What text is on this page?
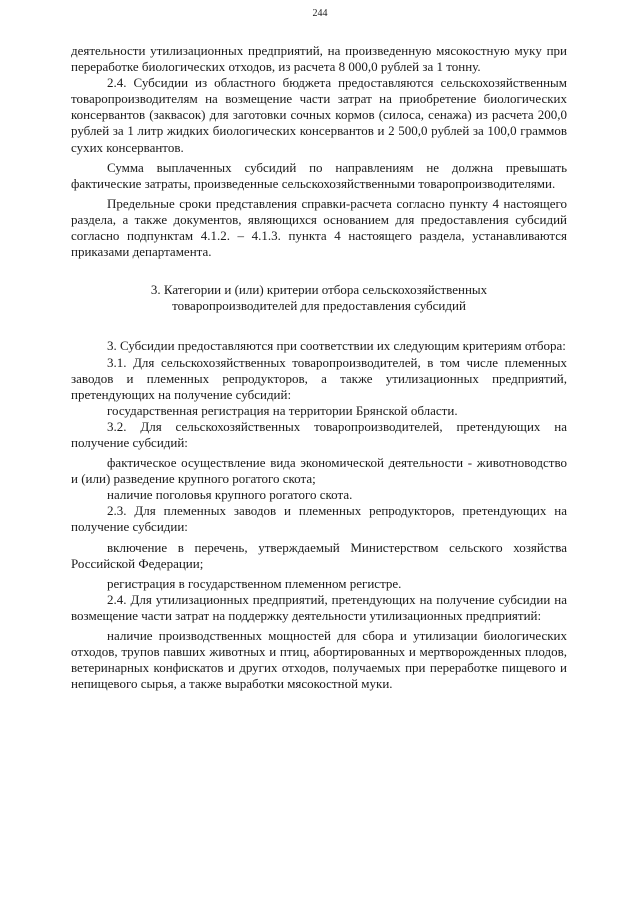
244

деятельности утилизационных предприятий, на произведенную мясокостную муку при переработке биологических отходов, из расчета 8 000,0 рублей за 1 тонну.

2.4. Субсидии из областного бюджета предоставляются сельскохозяйственным товаропроизводителям на возмещение части затрат на приобретение биологических консервантов (заквасок) для заготовки сочных кормов (силоса, сенажа) из расчета 200,0 рублей за 1 литр жидких биологических консервантов и 2 500,0 рублей за 100,0 граммов сухих консервантов.

Сумма выплаченных субсидий по направлениям не должна превышать фактические затраты, произведенные сельскохозяйственными товаропроизводителями.

Предельные сроки представления справки-расчета согласно пункту 4 настоящего раздела, а также документов, являющихся основанием для предоставления субсидий согласно подпунктам 4.1.2. – 4.1.3. пункта 4 настоящего раздела, устанавливаются приказами департамента.

3. Категории и (или) критерии отбора сельскохозяйственных
товаропроизводителей для предоставления субсидий

3. Субсидии предоставляются при соответствии их следующим критериям отбора:

3.1. Для сельскохозяйственных товаропроизводителей, в том числе племенных заводов и племенных репродукторов, а также утилизационных предприятий, претендующих на получение субсидий:

государственная регистрация на территории Брянской области.

3.2. Для сельскохозяйственных товаропроизводителей, претендующих на получение субсидий:

фактическое осуществление вида экономической деятельности - животноводство и (или) разведение крупного рогатого скота;

наличие поголовья крупного рогатого скота.

2.3. Для племенных заводов и племенных репродукторов, претендующих на получение субсидии:

включение в перечень, утверждаемый Министерством сельского хозяйства Российской Федерации;

регистрация в государственном племенном регистре.

2.4. Для утилизационных предприятий, претендующих на получение субсидии на возмещение части затрат на поддержку деятельности утилизационных предприятий:

наличие производственных мощностей для сбора и утилизации биологических отходов, трупов павших животных и птиц, абортированных и мертворожденных плодов, ветеринарных конфискатов и других отходов, получаемых при переработке пищевого и непищевого сырья, а также выработки мясокостной муки.
